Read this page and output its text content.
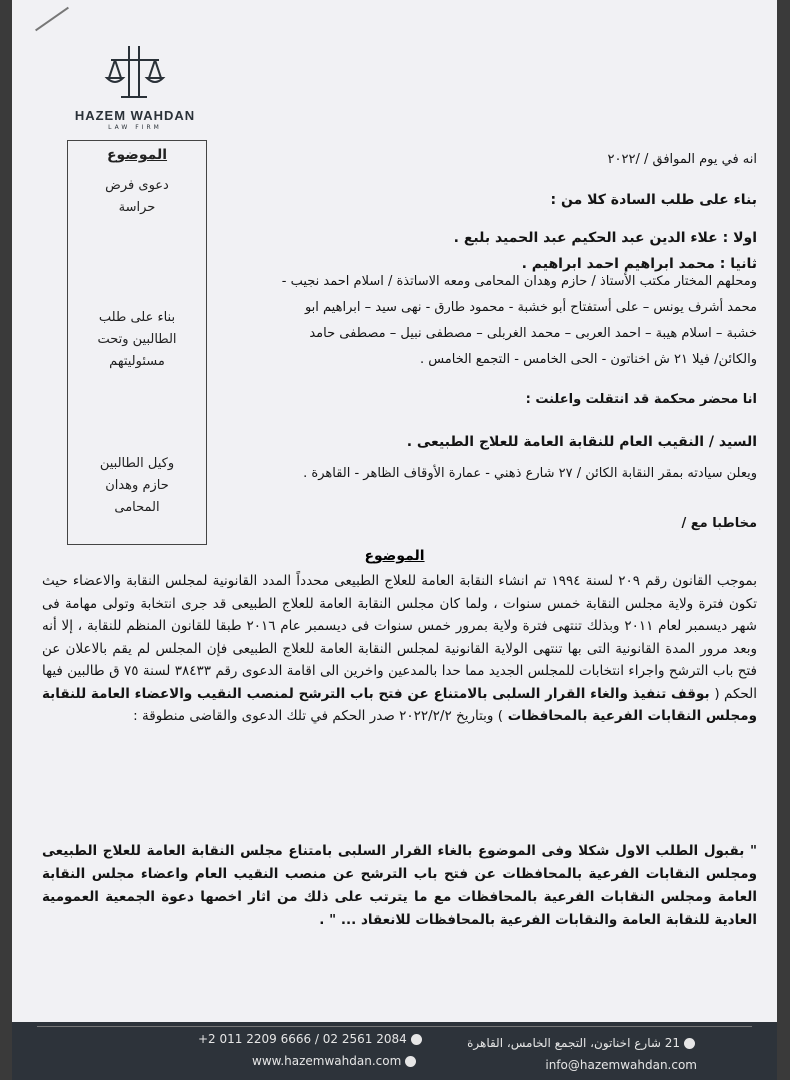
HAZEM WAHDAN
LAW FIRM
الموضوع
دعوى فرض
حراسة
بناء على طلب
الطالبين وتحت
مسئوليتهم
وكيل الطالبين
حازم وهدان
المحامى
انه في يوم الموافق / /٢٠٢٢
بناء على طلب السادة كلا من :
اولا : علاء الدين عبد الحكيم عبد الحميد بلبع .
ثانيا : محمد ابراهيم احمد ابراهيم .
ومحلهم المختار مكتب الأستاذ / حازم وهدان المحامى ومعه الاساتذة / اسلام احمد نجيب -
محمد أشرف يونس – على أستفتاح أبو خشبة - محمود طارق - نهى سيد – ابراهيم ابو
خشبة – اسلام هيبة – احمد العربى – محمد الغربلى – مصطفى نبيل – مصطفى حامد
والكائن/ فيلا ٢١ ش اخناتون - الحى الخامس - التجمع الخامس .
انا محضر محكمة قد انتقلت واعلنت :
السيد / النقيب العام للنقابة العامة للعلاج الطبيعى .
ويعلن سيادته بمقر النقابة الكائن / ٢٧ شارع ذهني - عمارة الأوقاف الظاهر - القاهرة .
مخاطبا مع /
الموضوع
بموجب القانون رقم ٢٠٩ لسنة ١٩٩٤ تم انشاء النقابة العامة للعلاج الطبيعى محدداً المدد القانونية لمجلس النقابة والاعضاء حيث تكون فترة ولاية مجلس النقابة خمس سنوات ، ولما كان مجلس النقابة العامة للعلاج الطبيعى قد جرى انتخابة وتولى مهامة فى شهر ديسمبر لعام ٢٠١١ وبذلك تنتهى فترة ولاية بمرور خمس سنوات فى ديسمبر عام ٢٠١٦ طبقا للقانون المنظم للنقابة ، إلا أنه وبعد مرور المدة القانونية التى بها تنتهى الولاية القانونية لمجلس النقابة العامة للعلاج الطبيعى فإن المجلس لم يقم بالاعلان عن فتح باب الترشح واجراء انتخابات للمجلس الجديد مما حدا بالمدعين واخرين الى اقامة الدعوى رقم ٣٨٤٣٣ لسنة ٧٥ ق طالبين فيها الحكم ( بوقف تنفيذ والغاء القرار السلبى بالامتناع عن فتح باب الترشح لمنصب النقيب والاعضاء العامة للنقابة ومجلس النقابات الفرعية بالمحافظات ) وبتاريخ ٢٠٢٢/٢/٢ صدر الحكم في تلك الدعوى والقاضى منطوقة :
" بقبول الطلب الاول شكلا وفى الموضوع بالغاء القرار السلبى بامتناع مجلس النقابة العامة للعلاج الطبيعى ومجلس النقابات الفرعية بالمحافظات عن فتح باب الترشح عن منصب النقيب العام واعضاء مجلس النقابة العامة ومجلس النقابات الفرعية بالمحافظات مع ما يترتب على ذلك من اثار اخصها دعوة الجمعية العمومية العادية للنقابة العامة والنقابات الفرعية بالمحافظات للانعقاد ... " .
+2 011 2209 6666 / 02 2561 2084
www.hazemwahdan.com
21 شارع اخناتون، التجمع الخامس، القاهرة
info@hazemwahdan.com
